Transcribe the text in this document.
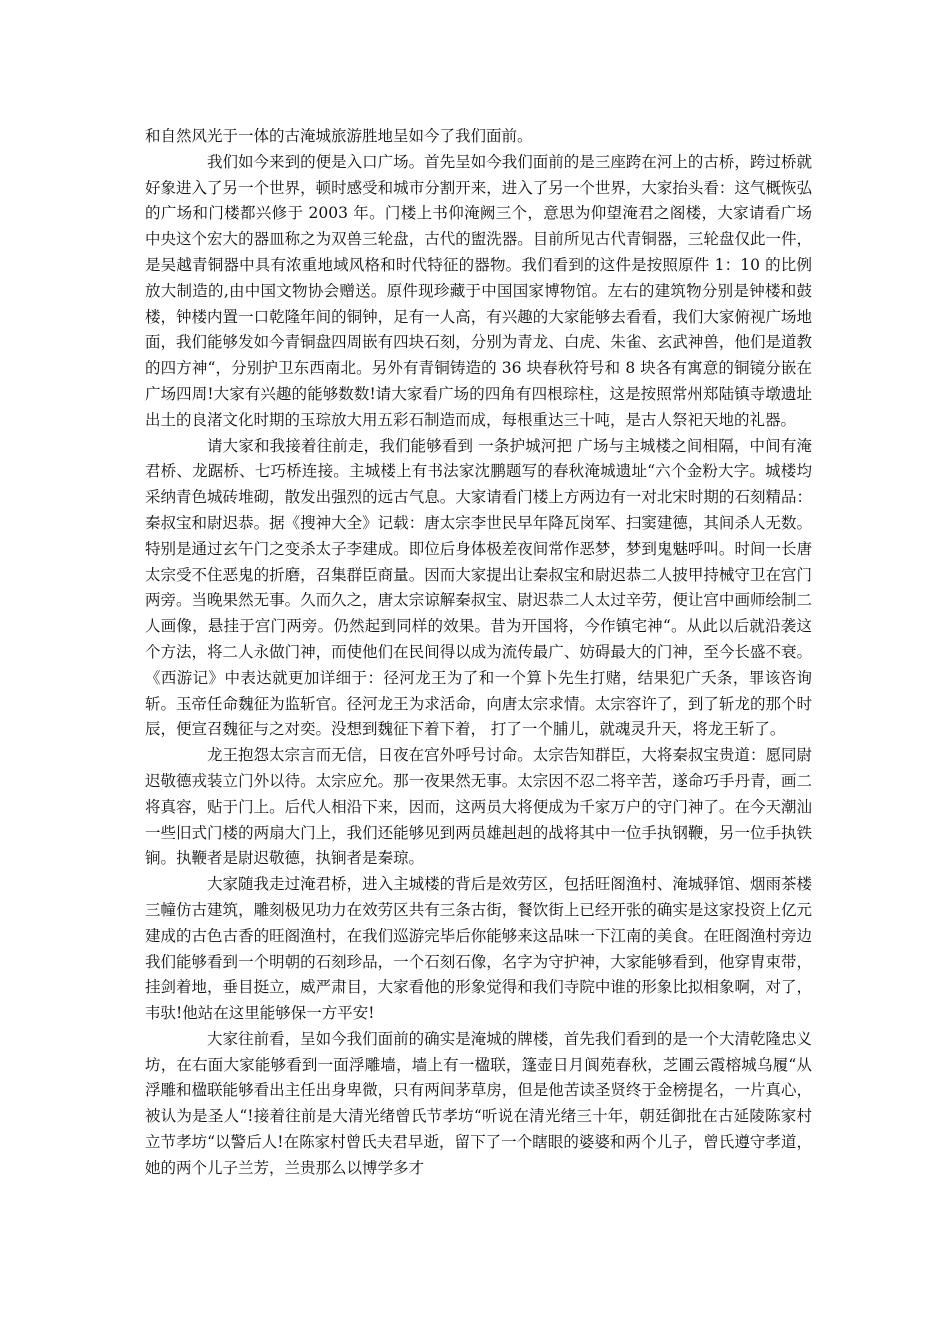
和自然风光于一体的古淹城旅游胜地呈如今了我们面前。

我们如今来到的便是入口广场。首先呈如今我们面前的是三座跨在河上的古桥，跨过桥就好象进入了另一个世界，顿时感受和城市分割开来，进入了另一个世界，大家抬头看：这气概恢弘的广场和门楼都兴修于 2003 年。门楼上书仰淹阙三个，意思为仰望淹君之阁楼，大家请看广场中央这个宏大的器皿称之为双兽三轮盘，古代的盥洗器。目前所见古代青铜器，三轮盘仅此一件，是吴越青铜器中具有浓重地域风格和时代特征的器物。我们看到的这件是按照原件 1：10 的比例放大制造的,由中国文物协会赠送。原件现珍藏于中国国家博物馆。左右的建筑物分别是钟楼和鼓楼，钟楼内置一口乾隆年间的铜钟，足有一人高，有兴趣的大家能够去看看，我们大家俯视广场地面，我们能够发如今青铜盘四周嵌有四块石刻，分别为青龙、白虎、朱雀、玄武神兽，他们是道教的四方神“，分别护卫东西南北。另外有青铜铸造的 36 块春秋符号和 8 块各有寓意的铜镜分嵌在广场四周!大家有兴趣的能够数数!请大家看广场的四角有四根琮柱，这是按照常州郑陆镇寺墩遗址出土的良渚文化时期的玉琮放大用五彩石制造而成，每根重达三十吨，是古人祭祀天地的礼器。

请大家和我接着往前走，我们能够看到 一条护城河把 广场与主城楼之间相隔，中间有淹君桥、龙踞桥、七巧桥连接。主城楼上有书法家沈鹏题写的春秋淹城遗址“六个金粉大字。城楼均采纳青色城砖堆砌，散发出强烈的远古气息。大家请看门楼上方两边有一对北宋时期的石刻精品：秦叔宝和尉迟恭。据《搜神大全》记载：唐太宗李世民早年降瓦岗军、扫窦建德，其间杀人无数。特别是通过玄午门之变杀太子李建成。即位后身体极差夜间常作恶梦，梦到鬼魅呼叫。时间一长唐太宗受不住恶鬼的折磨，召集群臣商量。因而大家提出让秦叔宝和尉迟恭二人披甲持械守卫在宫门两旁。当晚果然无事。久而久之，唐太宗谅解秦叔宝、尉迟恭二人太过辛劳，便让宫中画师绘制二人画像，悬挂于宫门两旁。仍然起到同样的效果。昔为开国将，今作镇宅神“。从此以后就沿袭这个方法，将二人永做门神，而使他们在民间得以成为流传最广、妨碍最大的门神，至今长盛不衰。《西游记》中表达就更加详细于：径河龙王为了和一个算卜先生打赌，结果犯广夭条，罪该咨询斩。玉帝任命魏征为监斩官。径河龙王为求活命，向唐太宗求情。太宗容许了，到了斩龙的那个时辰，便宣召魏征与之对奕。没想到魏征下着下着， 打了一个脯儿，就魂灵升天，将龙王斩了。

龙王抱怨太宗言而无信，日夜在宫外呼号讨命。太宗告知群臣，大将秦叔宝贵道：愿同尉迟敬德戎装立门外以待。太宗应允。那一夜果然无事。太宗因不忍二将辛苦，遂命巧手丹青，画二将真容，贴于门上。后代人相沿下来，因而，这两员大将便成为千家万户的守门神了。在今天潮汕一些旧式门楼的两扇大门上，我们还能够见到两员雄赳赳的战将其中一位手执钢鞭，另一位手执铁锏。执鞭者是尉迟敬德，执锏者是秦琼。

大家随我走过淹君桥，进入主城楼的背后是效劳区，包括旺阁渔村、淹城驿馆、烟雨茶楼三幢仿古建筑，雕刻极见功力在效劳区共有三条古街，餐饮街上已经开张的确实是这家投资上亿元建成的古色古香的旺阁渔村，在我们巡游完毕后你能够来这品味一下江南的美食。在旺阁渔村旁边我们能够看到一个明朝的石刻珍品，一个石刻石像，名字为守护神，大家能够看到，他穿胄束带，挂剑着地，垂目挺立，威严肃目，大家看他的形象觉得和我们寺院中谁的形象比拟相象啊，对了，韦驮!他站在这里能够保一方平安!

大家往前看，呈如今我们面前的确实是淹城的牌楼，首先我们看到的是一个大清乾隆忠义坊，在右面大家能够看到一面浮雕墙，墙上有一楹联，篷壶日月阆苑春秋，芝圃云霞榕城乌履“从浮雕和楹联能够看出主任出身卑微，只有两间茅草房，但是他苦读圣贤终于金榜提名，一片真心，被认为是圣人“!接着往前是大清光绪曾氏节孝坊“听说在清光绪三十年，朝廷御批在古延陵陈家村立节孝坊“以警后人!在陈家村曾氏夫君早逝，留下了一个瞎眼的婆婆和两个儿子，曾氏遵守孝道，她的两个儿子兰芳，兰贵那么以博学多才
